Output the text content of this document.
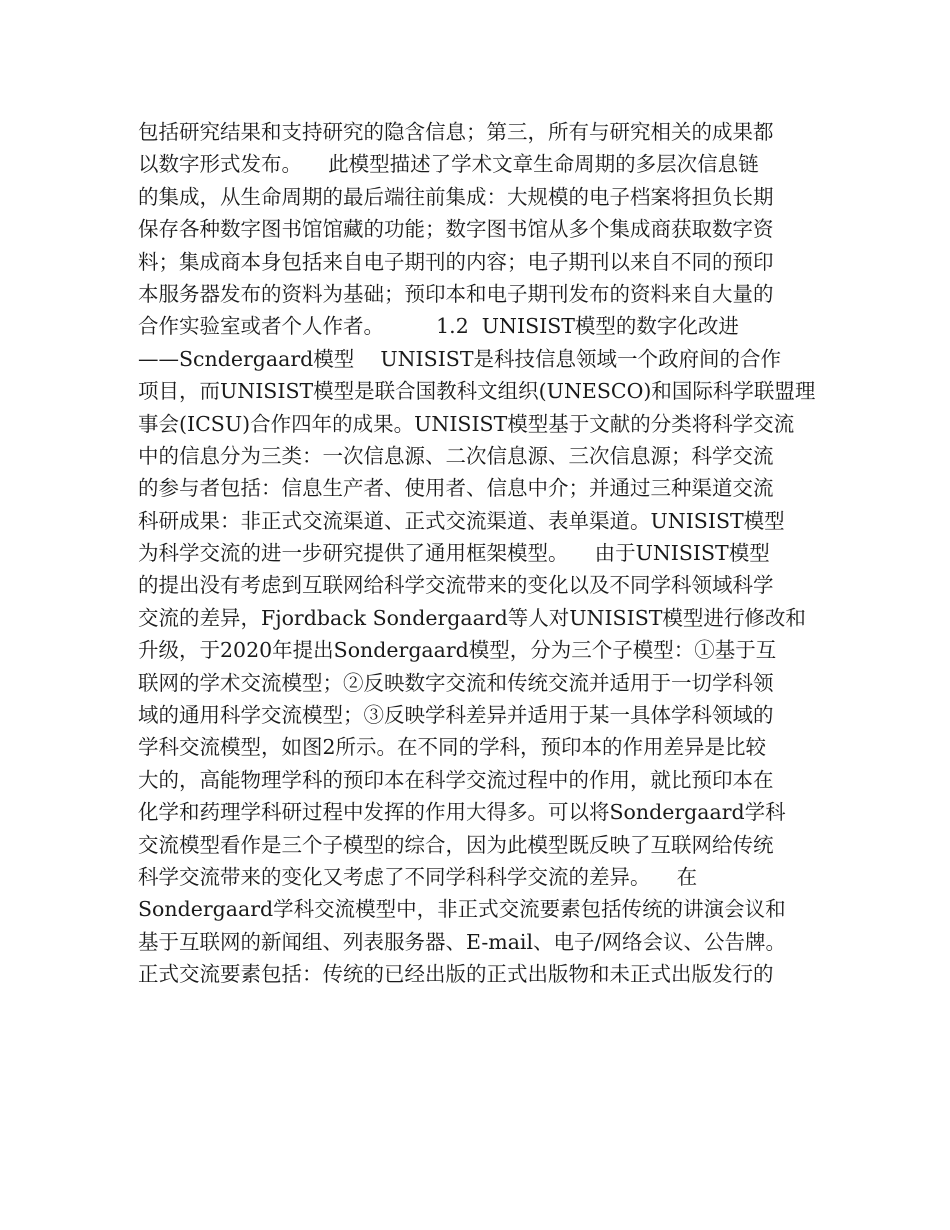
包括研究结果和支持研究的隐含信息；第三，所有与研究相关的成果都
以数字形式发布。    此模型描述了学术文章生命周期的多层次信息链
的集成，从生命周期的最后端往前集成：大规模的电子档案将担负长期
保存各种数字图书馆馆藏的功能；数字图书馆从多个集成商获取数字资
料；集成商本身包括来自电子期刊的内容；电子期刊以来自不同的预印
本服务器发布的资料为基础；预印本和电子期刊发布的资料来自大量的
合作实验室或者个人作者。        1.2  UNISIST模型的数字化改进
——Scndergaard模型    UNISIST是科技信息领域一个政府间的合作
项目，而UNISIST模型是联合国教科文组织(UNESCO)和国际科学联盟理
事会(ICSU)合作四年的成果。UNISIST模型基于文献的分类将科学交流
中的信息分为三类：一次信息源、二次信息源、三次信息源；科学交流
的参与者包括：信息生产者、使用者、信息中介；并通过三种渠道交流
科研成果：非正式交流渠道、正式交流渠道、表单渠道。UNISIST模型
为科学交流的进一步研究提供了通用框架模型。    由于UNISIST模型
的提出没有考虑到互联网给科学交流带来的变化以及不同学科领域科学
交流的差异，Fjordback Sondergaard等人对UNISIST模型进行修改和
升级，于2020年提出Sondergaard模型，分为三个子模型：①基于互
联网的学术交流模型；②反映数字交流和传统交流并适用于一切学科领
域的通用科学交流模型；③反映学科差异并适用于某一具体学科领域的
学科交流模型，如图2所示。在不同的学科，预印本的作用差异是比较
大的，高能物理学科的预印本在科学交流过程中的作用，就比预印本在
化学和药理学科研过程中发挥的作用大得多。可以将Sondergaard学科
交流模型看作是三个子模型的综合，因为此模型既反映了互联网给传统
科学交流带来的变化又考虑了不同学科科学交流的差异。    在
Sondergaard学科交流模型中，非正式交流要素包括传统的讲演会议和
基于互联网的新闻组、列表服务器、E-mail、电子/网络会议、公告牌。
正式交流要素包括：传统的已经出版的正式出版物和未正式出版发行的
